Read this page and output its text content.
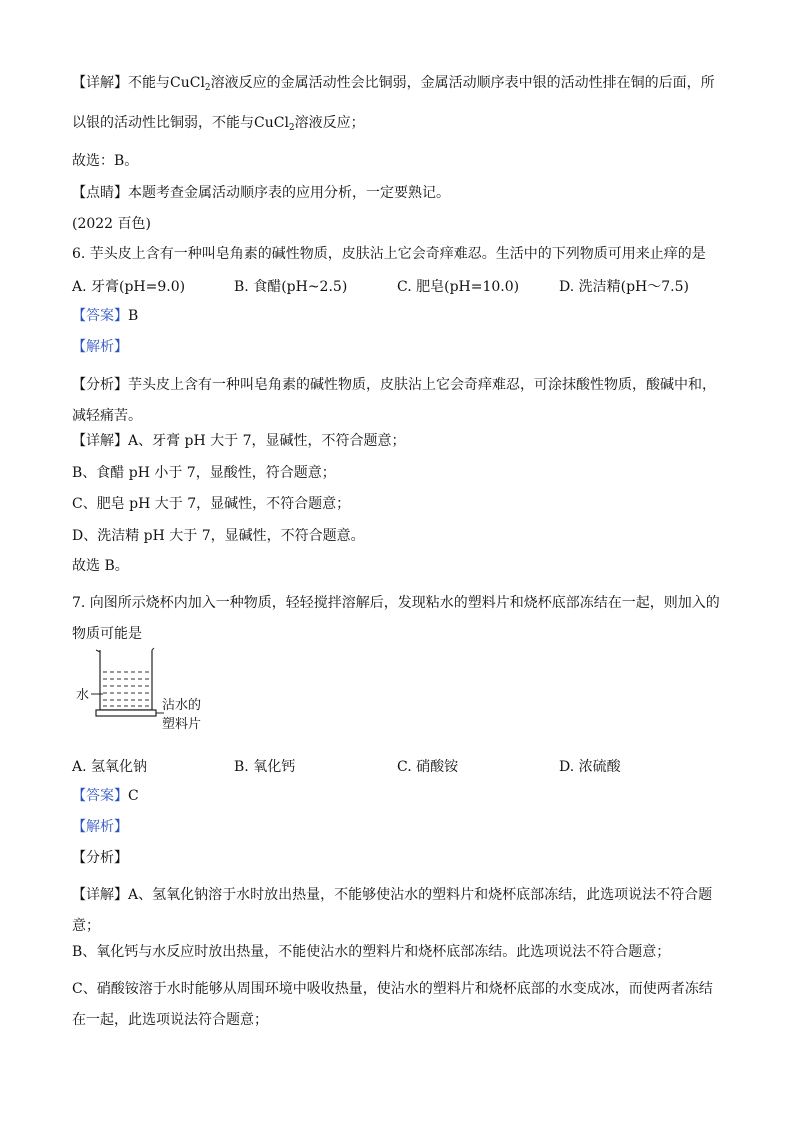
【详解】不能与CuCl$_2$溶液反应的金属活动性会比铜弱，金属活动顺序表中银的活动性排在铜的后面，所
以银的活动性比铜弱，不能与CuCl$_2$溶液反应；
故选：B。
【点睛】本题考查金属活动顺序表的应用分析，一定要熟记。
(2022 百色)
6. 芋头皮上含有一种叫皂角素的碱性物质，皮肤沾上它会奇痒难忍。生活中的下列物质可用来止痒的是
A. 牙膏(pH=9.0)	B. 食醋(pH~2.5)	C. 肥皂(pH=10.0)	D. 洗洁精(pH～7.5)
【答案】B
【解析】
【分析】芋头皮上含有一种叫皂角素的碱性物质，皮肤沾上它会奇痒难忍，可涂抹酸性物质，酸碱中和，减轻痛苦。
【详解】A、牙膏 pH 大于 7，显碱性，不符合题意；
B、食醋 pH 小于 7，显酸性，符合题意；
C、肥皂 pH 大于 7，显碱性，不符合题意；
D、洗洁精 pH 大于 7，显碱性，不符合题意。
故选 B。
7. 向图所示烧杯内加入一种物质，轻轻搅拌溶解后，发现粘水的塑料片和烧杯底部冻结在一起，则加入的物质可能是
水
沾水的
塑料片
A. 氢氧化钠	B. 氧化钙	C. 硝酸铵	D. 浓硫酸
【答案】C
【解析】
【分析】
【详解】A、氢氧化钠溶于水时放出热量，不能够使沾水的塑料片和烧杯底部冻结，此选项说法不符合题意；
B、氧化钙与水反应时放出热量，不能使沾水的塑料片和烧杯底部冻结。此选项说法不符合题意；
C、硝酸铵溶于水时能够从周围环境中吸收热量，使沾水的塑料片和烧杯底部的水变成冰，而使两者冻结在一起，此选项说法符合题意；
